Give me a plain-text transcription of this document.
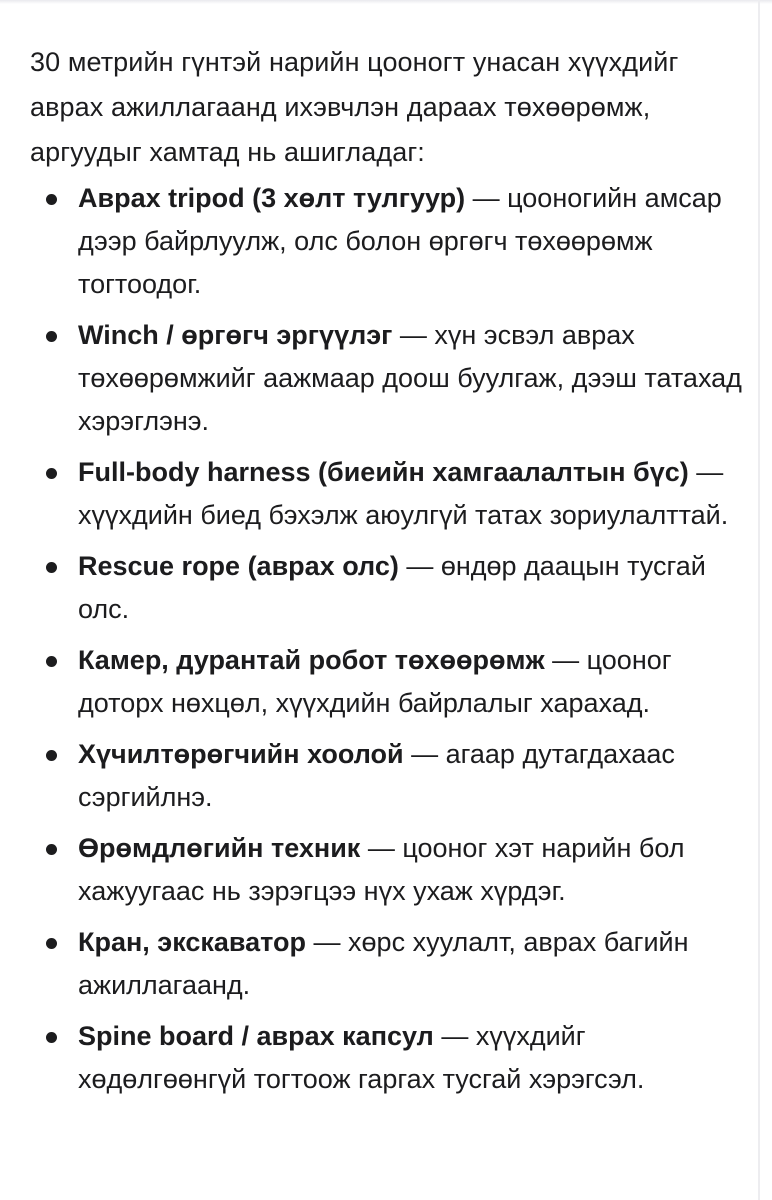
30 метрийн гүнтэй нарийн цооногт унасан хүүхдийг аврах ажиллагаанд ихэвчлэн дараах төхөөрөмж, аргуудыг хамтад нь ашигладаг:

Аврах tripod (3 хөлт тулгуур) — цооногийн амсар дээр байрлуулж, олс болон өргөгч төхөөрөмж тогтоодог.
Winch / өргөгч эргүүлэг — хүн эсвэл аврах төхөөрөмжийг аажмаар доош буулгаж, дээш татахад хэрэглэнэ.
Full-body harness (биеийн хамгаалалтын бүс) — хүүхдийн биед бэхэлж аюулгүй татах зориулалттай.
Rescue rope (аврах олс) — өндөр даацын тусгай олс.
Камер, дурантай робот төхөөрөмж — цооног доторх нөхцөл, хүүхдийн байрлалыг харахад.
Хүчилтөрөгчийн хоолой — агаар дутагдахаас сэргийлнэ.
Өрөмдлөгийн техник — цооног хэт нарийн бол хажуугаас нь зэрэгцээ нүх ухаж хүрдэг.
Кран, экскаватор — хөрс хуулалт, аврах багийн ажиллагаанд.
Spine board / аврах капсул — хүүхдийг хөдөлгөөнгүй тогтоож гаргах тусгай хэрэгсэл.
